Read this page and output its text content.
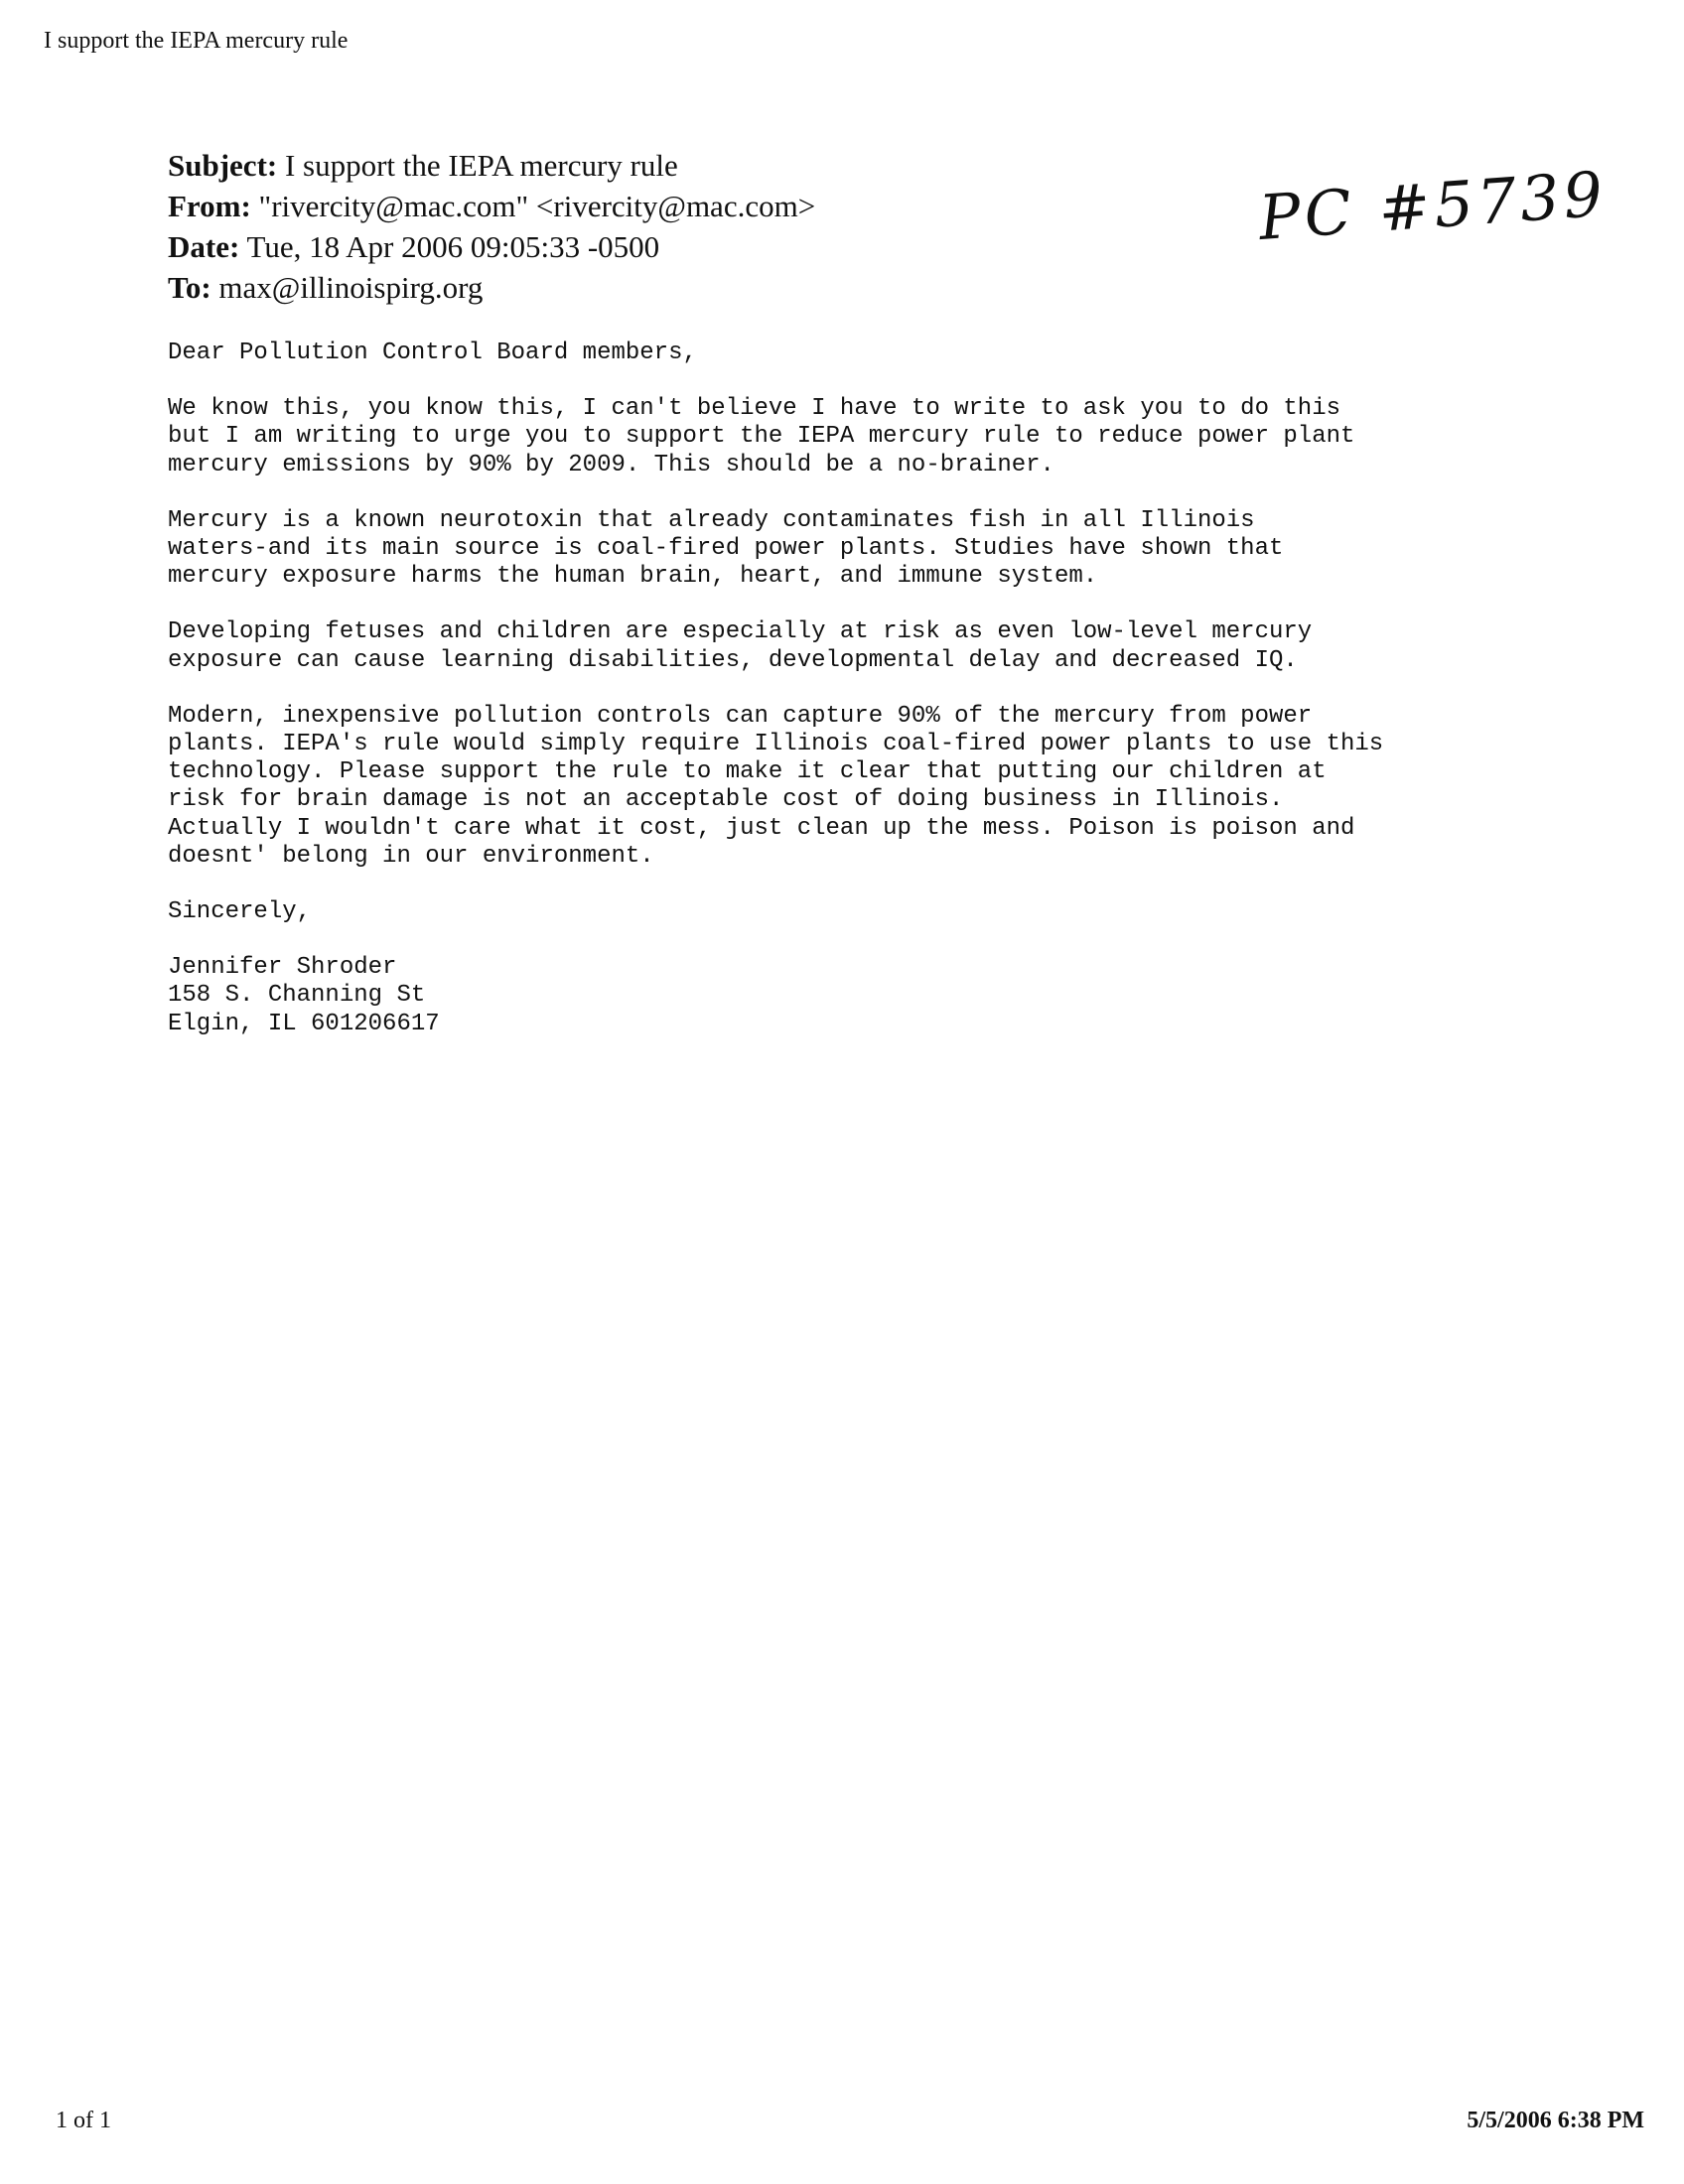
I support the IEPA mercury rule
Subject: I support the IEPA mercury rule
From: "rivercity@mac.com" <rivercity@mac.com>
Date: Tue, 18 Apr 2006 09:05:33 -0500
To: max@illinoispirg.org
PC #5739

Dear Pollution Control Board members,

We know this, you know this, I can't believe I have to write to ask you to do this
but I am writing to urge you to support the IEPA mercury rule to reduce power plant
mercury emissions by 90% by 2009. This should be a no-brainer.

Mercury is a known neurotoxin that already contaminates fish in all Illinois
waters-and its main source is coal-fired power plants. Studies have shown that
mercury exposure harms the human brain, heart, and immune system.

Developing fetuses and children are especially at risk as even low-level mercury
exposure can cause learning disabilities, developmental delay and decreased IQ.

Modern, inexpensive pollution controls can capture 90% of the mercury from power
plants. IEPA's rule would simply require Illinois coal-fired power plants to use this
technology. Please support the rule to make it clear that putting our children at
risk for brain damage is not an acceptable cost of doing business in Illinois.
Actually I wouldn't care what it cost, just clean up the mess. Poison is poison and
doesnt' belong in our environment.

Sincerely,

Jennifer Shroder
158 S. Channing St
Elgin, IL 601206617

1 of 1	5/5/2006 6:38 PM
